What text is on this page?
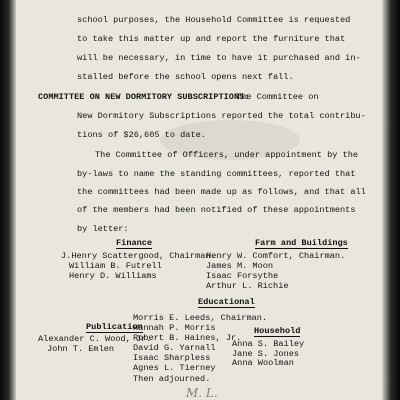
school purposes, the Household Committee is requested
to take this matter up and report the furniture that
will be necessary, in time to have it purchased and in-
stalled before the school opens next fall.
COMMITTEE ON NEW DORMITORY SUBSCRIPTIONS:
The Committee on
New Dormitory Subscriptions reported the total contribu-
tions of $26,605 to date.
The Committee of Officers, under appointment by the
by-laws to name the standing committees, reported that
the committees had been made up as follows, and that all
of the members had been notified of these appointments
by letter:
Finance
J.Henry Scattergood, Chairman.
William B. Futrell
Henry D. Williams
Farm and Buildings
Henry W. Comfort, Chairman.
James M. Moon
Isaac Forsythe
Arthur L. Richie
Educational
Morris E. Leeds, Chairman.
Hannah P. Morris
Robert B. Haines, Jr.
David G. Yarnall
Isaac Sharpless
Agnes L. Tierney
Publication
Alexander C. Wood, Jr.
John T. Emlen
Household
Anna S. Bailey
Jane S. Jones
Anna Woolman
Then adjourned.
M. L.
